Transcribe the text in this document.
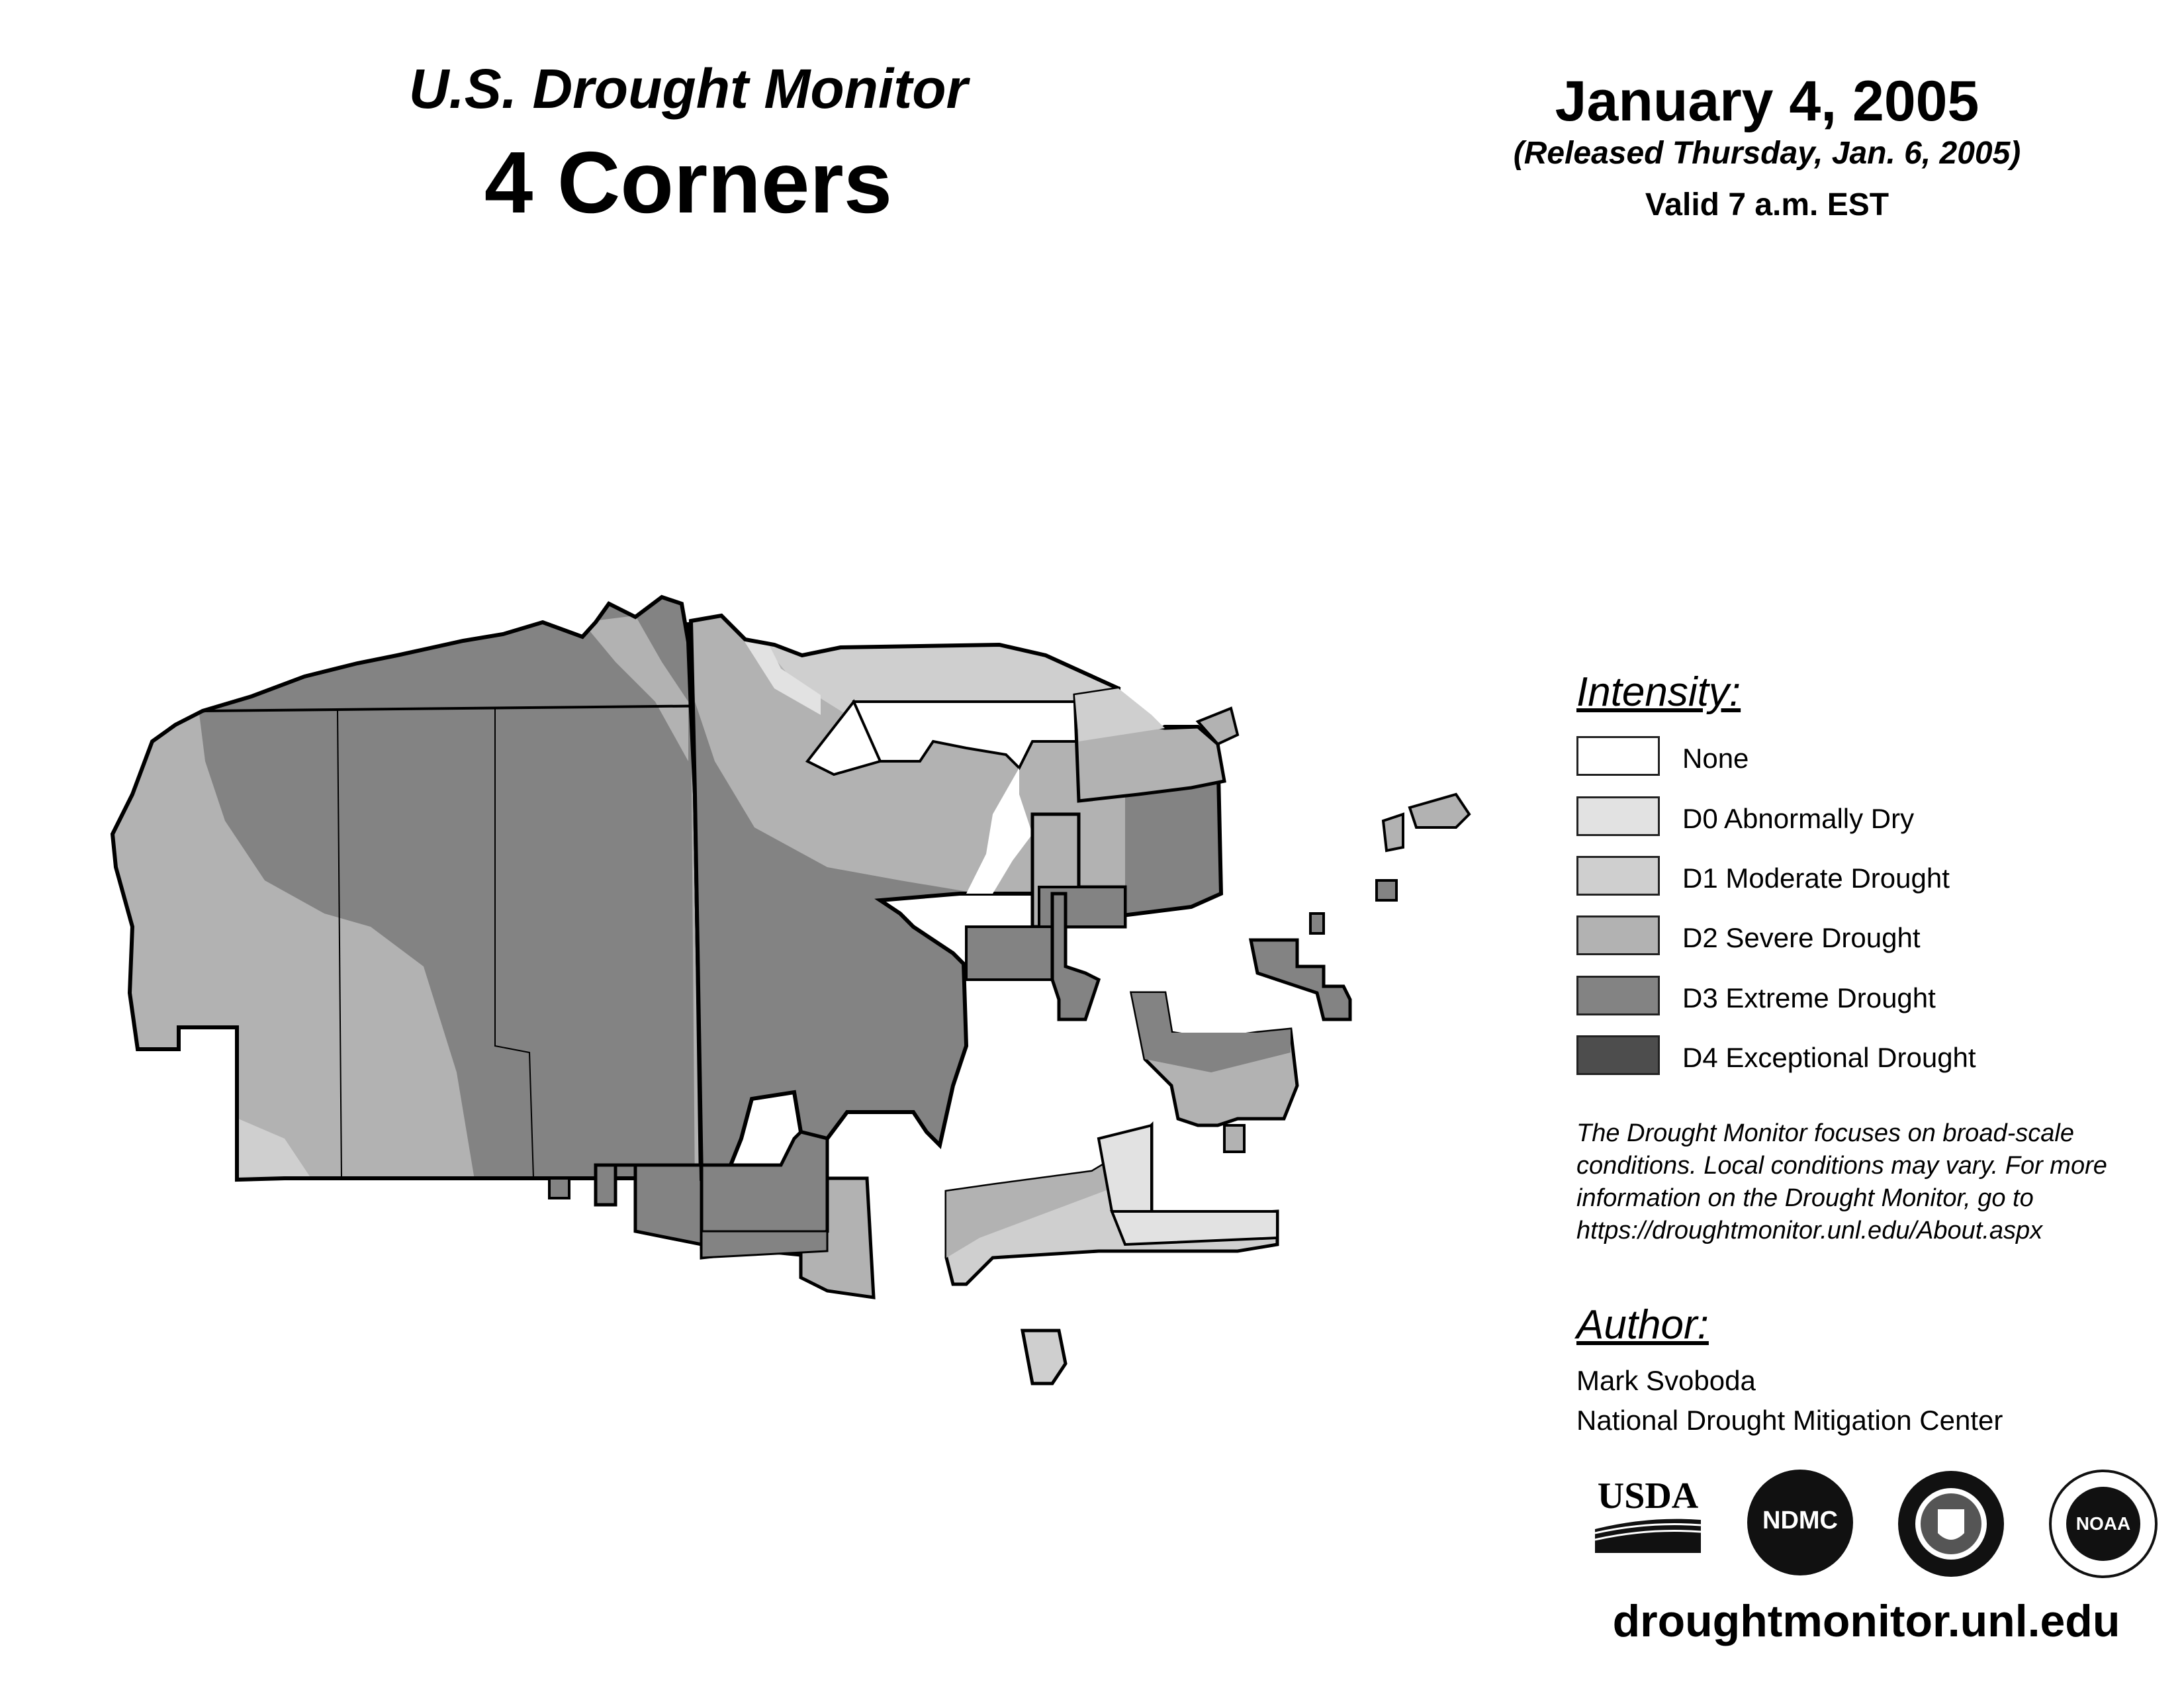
U.S. Drought Monitor
4 Corners
January 4, 2005
(Released Thursday, Jan. 6, 2005)
Valid 7 a.m. EST
Intensity:
None
D0 Abnormally Dry
D1 Moderate Drought
D2 Severe Drought
D3 Extreme Drought
D4 Exceptional Drought
The Drought Monitor focuses on broad-scale conditions. Local conditions may vary. For more information on the Drought Monitor, go to https://droughtmonitor.unl.edu/About.aspx
Author:
Mark Svoboda
National Drought Mitigation Center
USDA
NDMC	NOAA
droughtmonitor.unl.edu
